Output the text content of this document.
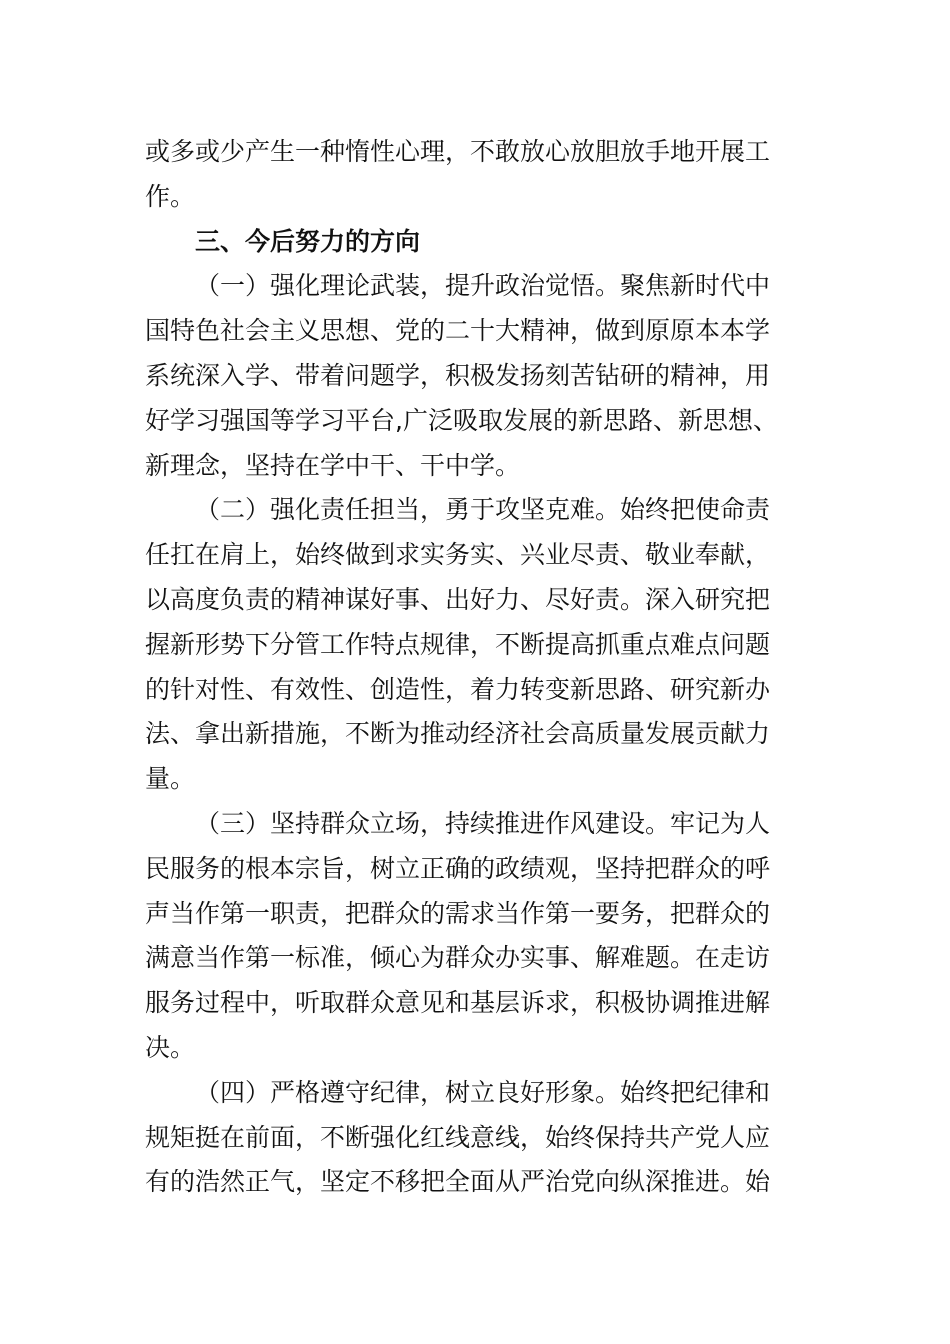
或多或少产生一种惰性心理，不敢放心放胆放手地开展工
作。
三、今后努力的方向
（一）强化理论武装，提升政治觉悟。聚焦新时代中
国特色社会主义思想、党的二十大精神，做到原原本本学
系统深入学、带着问题学，积极发扬刻苦钻研的精神，用
好学习强国等学习平台,广泛吸取发展的新思路、新思想、
新理念，坚持在学中干、干中学。
（二）强化责任担当，勇于攻坚克难。始终把使命责
任扛在肩上，始终做到求实务实、兴业尽责、敬业奉献，
以高度负责的精神谋好事、出好力、尽好责。深入研究把
握新形势下分管工作特点规律，不断提高抓重点难点问题
的针对性、有效性、创造性，着力转变新思路、研究新办
法、拿出新措施，不断为推动经济社会高质量发展贡献力
量。
（三）坚持群众立场，持续推进作风建设。牢记为人
民服务的根本宗旨，树立正确的政绩观，坚持把群众的呼
声当作第一职责，把群众的需求当作第一要务，把群众的
满意当作第一标准，倾心为群众办实事、解难题。在走访
服务过程中，听取群众意见和基层诉求，积极协调推进解
决。
（四）严格遵守纪律，树立良好形象。始终把纪律和
规矩挺在前面，不断强化红线意线，始终保持共产党人应
有的浩然正气，坚定不移把全面从严治党向纵深推进。始
